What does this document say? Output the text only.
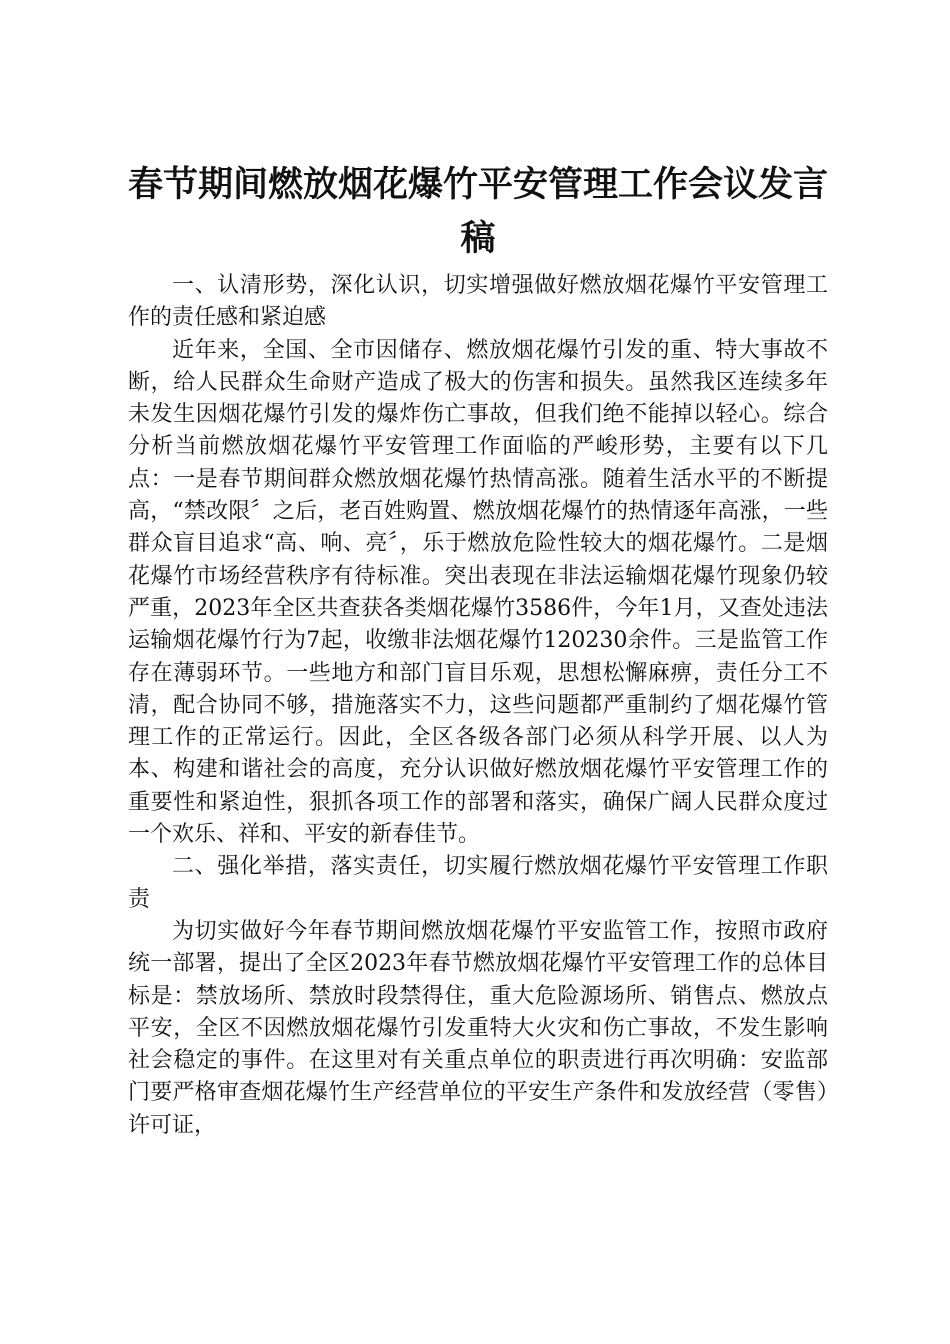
春节期间燃放烟花爆竹平安管理工作会议发言稿

一、认清形势，深化认识，切实增强做好燃放烟花爆竹平安管理工作的责任感和紧迫感

近年来，全国、全市因储存、燃放烟花爆竹引发的重、特大事故不断，给人民群众生命财产造成了极大的伤害和损失。虽然我区连续多年未发生因烟花爆竹引发的爆炸伤亡事故，但我们绝不能掉以轻心。综合分析当前燃放烟花爆竹平安管理工作面临的严峻形势，主要有以下几点：一是春节期间群众燃放烟花爆竹热情高涨。随着生活水平的不断提高，“禁改限〞之后，老百姓购置、燃放烟花爆竹的热情逐年高涨，一些群众盲目追求“高、响、亮〞，乐于燃放危险性较大的烟花爆竹。二是烟花爆竹市场经营秩序有待标准。突出表现在非法运输烟花爆竹现象仍较严重，2023年全区共查获各类烟花爆竹3586件，今年1月，又查处违法运输烟花爆竹行为7起，收缴非法烟花爆竹120230余件。三是监管工作存在薄弱环节。一些地方和部门盲目乐观，思想松懈麻痹，责任分工不清，配合协同不够，措施落实不力，这些问题都严重制约了烟花爆竹管理工作的正常运行。因此，全区各级各部门必须从科学开展、以人为本、构建和谐社会的高度，充分认识做好燃放烟花爆竹平安管理工作的重要性和紧迫性，狠抓各项工作的部署和落实，确保广阔人民群众度过一个欢乐、祥和、平安的新春佳节。

二、强化举措，落实责任，切实履行燃放烟花爆竹平安管理工作职责

为切实做好今年春节期间燃放烟花爆竹平安监管工作，按照市政府统一部署，提出了全区2023年春节燃放烟花爆竹平安管理工作的总体目标是：禁放场所、禁放时段禁得住，重大危险源场所、销售点、燃放点平安，全区不因燃放烟花爆竹引发重特大火灾和伤亡事故，不发生影响社会稳定的事件。在这里对有关重点单位的职责进行再次明确：安监部门要严格审查烟花爆竹生产经营单位的平安生产条件和发放经营（零售）许可证，
